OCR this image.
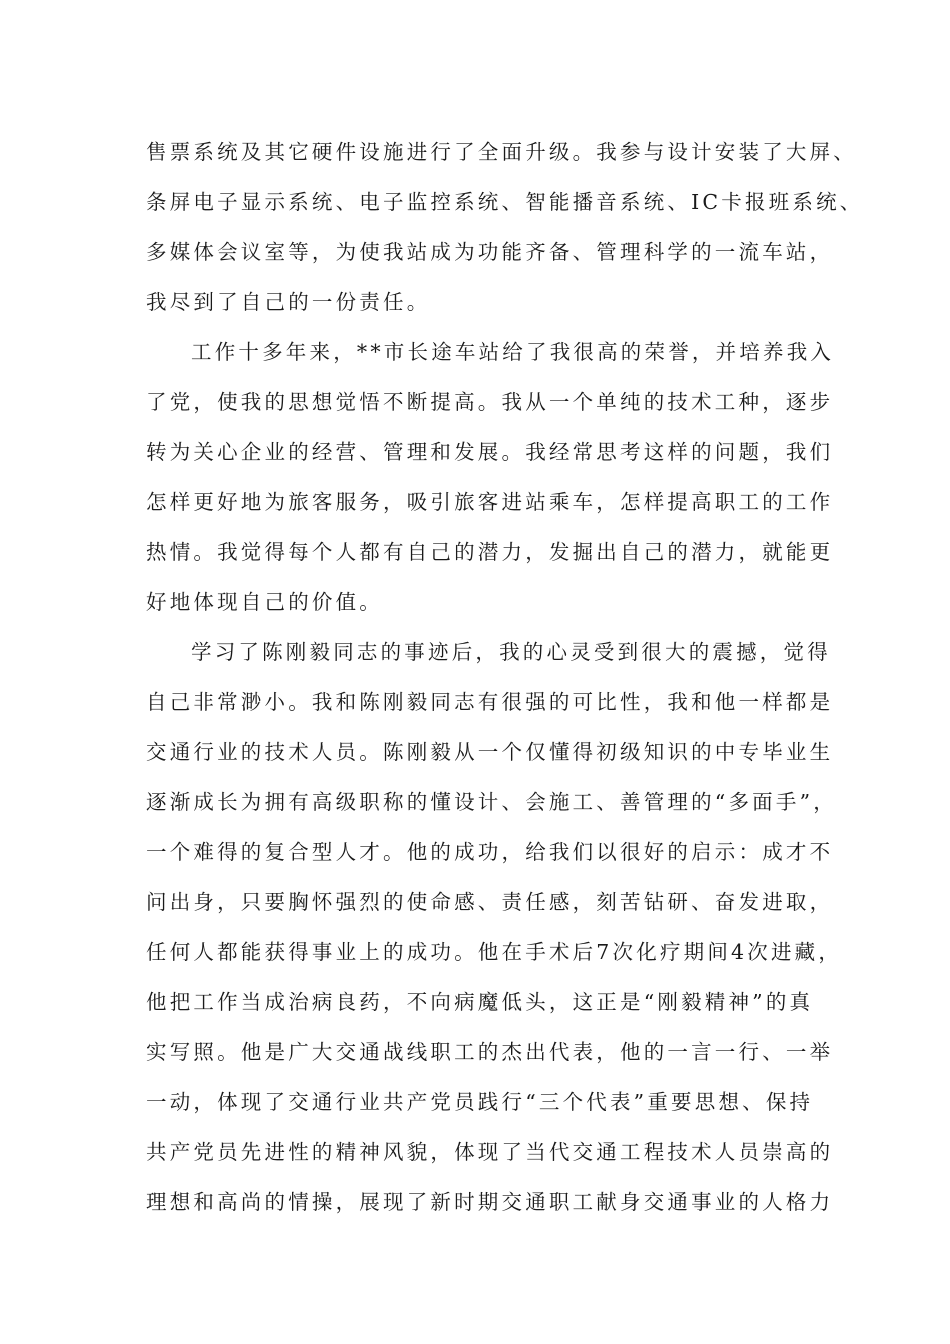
售票系统及其它硬件设施进行了全面升级。我参与设计安装了大屏、
条屏电子显示系统、电子监控系统、智能播音系统、IC卡报班系统、
多媒体会议室等，为使我站成为功能齐备、管理科学的一流车站，
我尽到了自己的一份责任。
工作十多年来，**市长途车站给了我很高的荣誉，并培养我入
了党，使我的思想觉悟不断提高。我从一个单纯的技术工种，逐步
转为关心企业的经营、管理和发展。我经常思考这样的问题，我们
怎样更好地为旅客服务，吸引旅客进站乘车，怎样提高职工的工作
热情。我觉得每个人都有自己的潜力，发掘出自己的潜力，就能更
好地体现自己的价值。
学习了陈刚毅同志的事迹后，我的心灵受到很大的震撼，觉得
自己非常渺小。我和陈刚毅同志有很强的可比性，我和他一样都是
交通行业的技术人员。陈刚毅从一个仅懂得初级知识的中专毕业生
逐渐成长为拥有高级职称的懂设计、会施工、善管理的“多面手”，
一个难得的复合型人才。他的成功，给我们以很好的启示：成才不
问出身，只要胸怀强烈的使命感、责任感，刻苦钻研、奋发进取，
任何人都能获得事业上的成功。他在手术后7次化疗期间4次进藏，
他把工作当成治病良药，不向病魔低头，这正是“刚毅精神”的真
实写照。他是广大交通战线职工的杰出代表，他的一言一行、一举
一动，体现了交通行业共产党员践行“三个代表”重要思想、保持
共产党员先进性的精神风貌，体现了当代交通工程技术人员崇高的
理想和高尚的情操，展现了新时期交通职工献身交通事业的人格力
